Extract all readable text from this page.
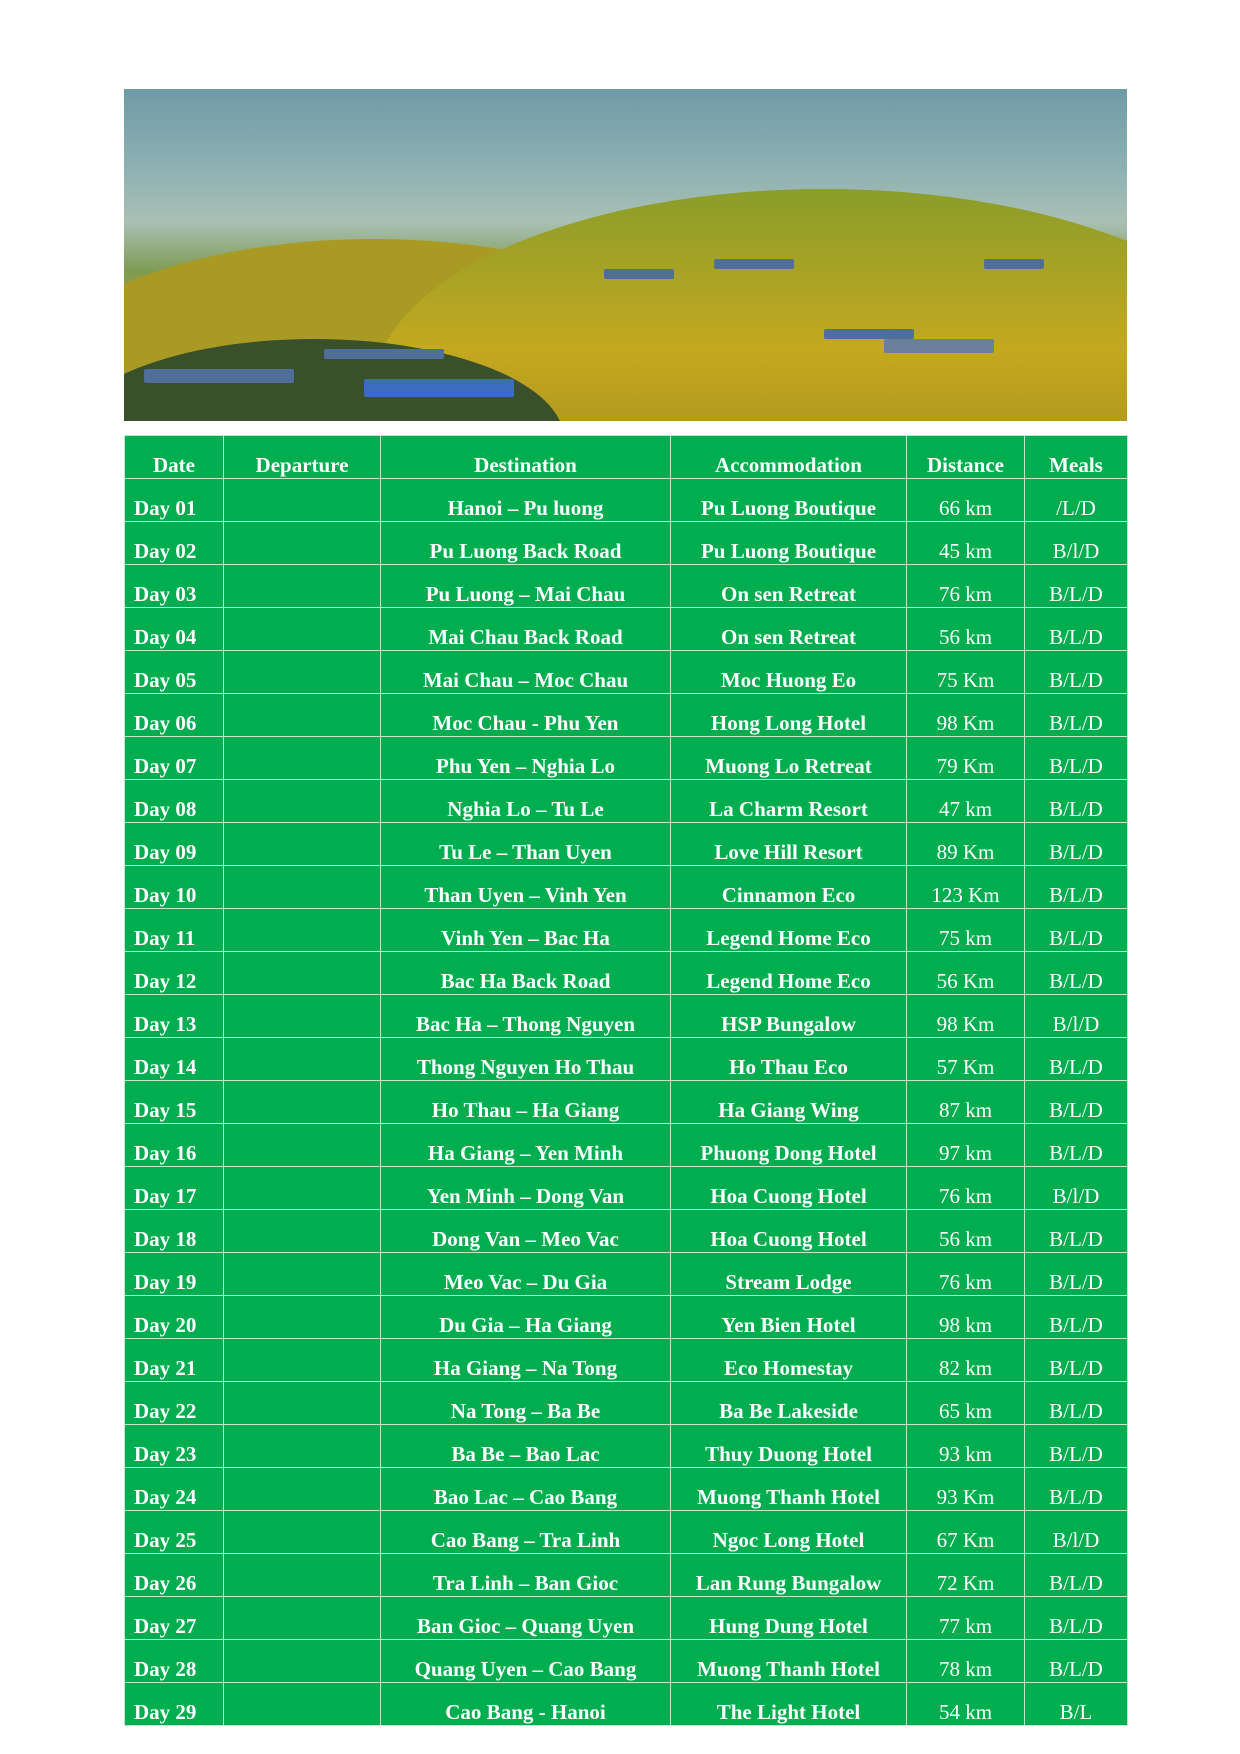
Date	Departure	Destination	Accommodation	Distance	Meals
Day 01		Hanoi – Pu luong	Pu Luong Boutique	66 km	/L/D
Day 02		Pu Luong Back Road	Pu Luong Boutique	45 km	B/l/D
Day 03		Pu Luong – Mai Chau	On sen Retreat	76 km	B/L/D
Day 04		Mai Chau Back Road	On sen Retreat	56 km	B/L/D
Day 05		Mai Chau – Moc Chau	Moc Huong Eo	75 Km	B/L/D
Day 06		Moc Chau - Phu Yen	Hong Long Hotel	98 Km	B/L/D
Day 07		Phu Yen – Nghia Lo	Muong Lo Retreat	79 Km	B/L/D
Day 08		Nghia Lo – Tu Le	La Charm Resort	47 km	B/L/D
Day 09		Tu Le – Than Uyen	Love Hill Resort	89 Km	B/L/D
Day 10		Than Uyen – Vinh Yen	Cinnamon Eco	123 Km	B/L/D
Day 11		Vinh Yen – Bac Ha	Legend Home Eco	75 km	B/L/D
Day 12		Bac Ha Back Road	Legend Home Eco	56 Km	B/L/D
Day 13		Bac Ha – Thong Nguyen	HSP Bungalow	98 Km	B/l/D
Day 14		Thong Nguyen Ho Thau	Ho Thau Eco	57 Km	B/L/D
Day 15		Ho Thau – Ha Giang	Ha Giang Wing	87 km	B/L/D
Day 16		Ha Giang – Yen Minh	Phuong Dong Hotel	97 km	B/L/D
Day 17		Yen Minh – Dong Van	Hoa Cuong Hotel	76 km	B/l/D
Day 18		Dong Van – Meo Vac	Hoa Cuong Hotel	56 km	B/L/D
Day 19		Meo Vac – Du Gia	Stream Lodge	76 km	B/L/D
Day 20		Du Gia – Ha Giang	Yen Bien Hotel	98 km	B/L/D
Day 21		Ha Giang – Na Tong	Eco Homestay	82 km	B/L/D
Day 22		Na Tong – Ba Be	Ba Be Lakeside	65 km	B/L/D
Day 23		Ba Be – Bao Lac	Thuy Duong Hotel	93 km	B/L/D
Day 24		Bao Lac – Cao Bang	Muong Thanh Hotel	93 Km	B/L/D
Day 25		Cao Bang – Tra Linh	Ngoc Long Hotel	67 Km	B/l/D
Day 26		Tra Linh – Ban Gioc	Lan Rung Bungalow	72 Km	B/L/D
Day 27		Ban Gioc – Quang Uyen	Hung Dung Hotel	77 km	B/L/D
Day 28		Quang Uyen – Cao Bang	Muong Thanh Hotel	78 km	B/L/D
Day 29		Cao Bang - Hanoi	The Light Hotel	54 km	B/L
